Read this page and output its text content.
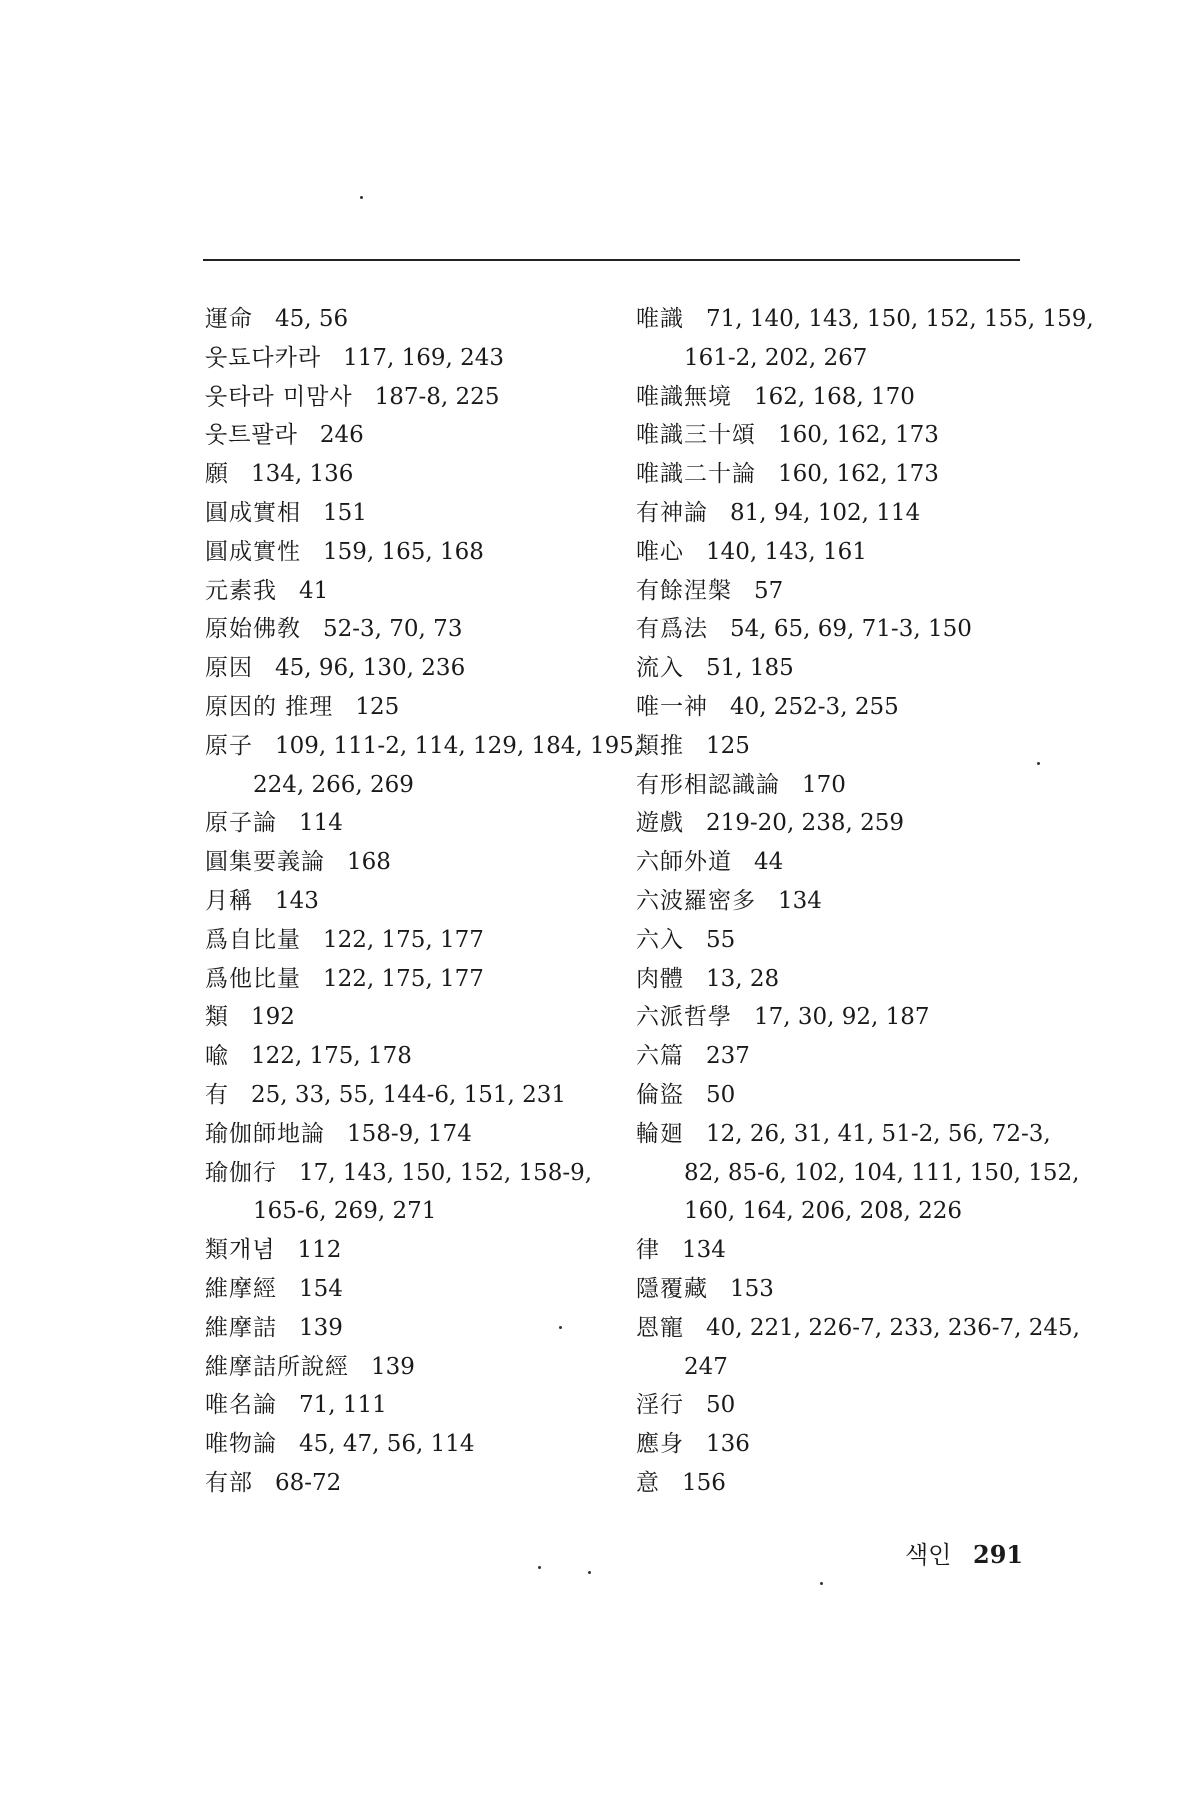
運命 45, 56
웃됴다카라 117, 169, 243
웃타라 미맘사 187-8, 225
웃트팔라 246
願 134, 136
圓成實相 151
圓成實性 159, 165, 168
元素我 41
原始佛敎 52-3, 70, 73
原因 45, 96, 130, 236
原因的 推理 125
原子 109, 111-2, 114, 129, 184, 195,
224, 266, 269
原子論 114
圓集要義論 168
月稱 143
爲自比量 122, 175, 177
爲他比量 122, 175, 177
類 192
喩 122, 175, 178
有 25, 33, 55, 144-6, 151, 231
瑜伽師地論 158-9, 174
瑜伽行 17, 143, 150, 152, 158-9,
165-6, 269, 271
類개념 112
維摩經 154
維摩詰 139
維摩詰所說經 139
唯名論 71, 111
唯物論 45, 47, 56, 114
有部 68-72
唯識 71, 140, 143, 150, 152, 155, 159,
161-2, 202, 267
唯識無境 162, 168, 170
唯識三十頌 160, 162, 173
唯識二十論 160, 162, 173
有神論 81, 94, 102, 114
唯心 140, 143, 161
有餘涅槃 57
有爲法 54, 65, 69, 71-3, 150
流入 51, 185
唯一神 40, 252-3, 255
類推 125
有形相認識論 170
遊戲 219-20, 238, 259
六師外道 44
六波羅密多 134
六入 55
肉體 13, 28
六派哲學 17, 30, 92, 187
六篇 237
倫盜 50
輪廻 12, 26, 31, 41, 51-2, 56, 72-3,
82, 85-6, 102, 104, 111, 150, 152,
160, 164, 206, 208, 226
律 134
隱覆藏 153
恩寵 40, 221, 226-7, 233, 236-7, 245,
247
淫行 50
應身 136
意 156
색인 291
